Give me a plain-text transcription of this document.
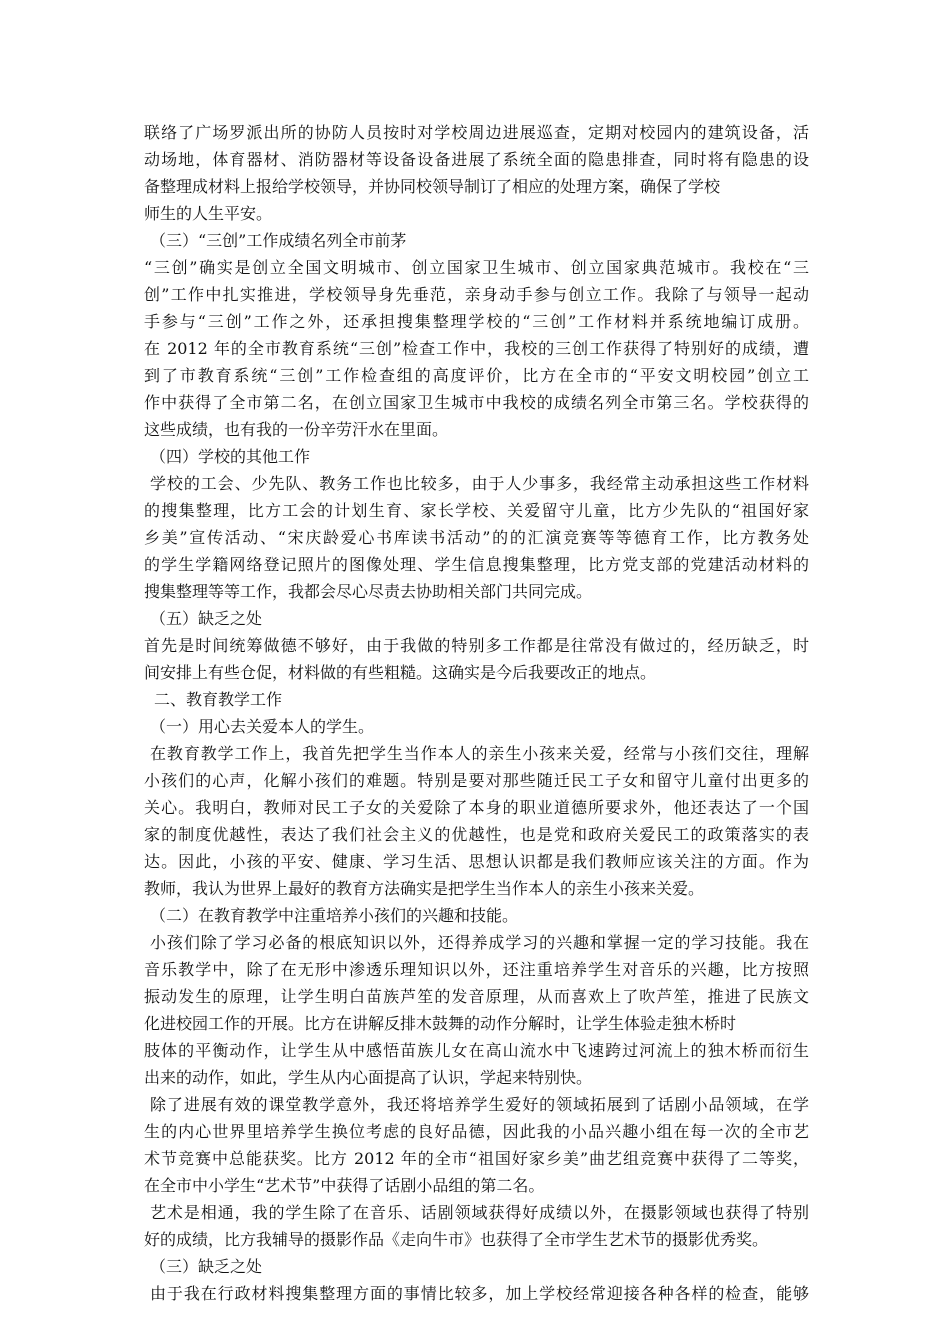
联络了广场罗派出所的协防人员按时对学校周边进展巡查，定期对校园内的建筑设备，活
动场地，体育器材、消防器材等设备设备进展了系统全面的隐患排查，同时将有隐患的设
备整理成材料上报给学校领导，并协同校领导制订了相应的处理方案，确保了学校
师生的人生平安。
（三）“三创”工作成绩名列全市前茅
“三创”确实是创立全国文明城市、创立国家卫生城市、创立国家典范城市。我校在“三
创”工作中扎实推进，学校领导身先垂范，亲身动手参与创立工作。我除了与领导一起动
手参与“三创”工作之外，还承担搜集整理学校的“三创”工作材料并系统地编订成册。
在 2012 年的全市教育系统“三创”检查工作中，我校的三创工作获得了特别好的成绩，遭
到了市教育系统“三创”工作检查组的高度评价，比方在全市的“平安文明校园”创立工
作中获得了全市第二名，在创立国家卫生城市中我校的成绩名列全市第三名。学校获得的
这些成绩，也有我的一份辛劳汗水在里面。
（四）学校的其他工作
学校的工会、少先队、教务工作也比较多，由于人少事多，我经常主动承担这些工作材料
的搜集整理，比方工会的计划生育、家长学校、关爱留守儿童，比方少先队的“祖国好家
乡美”宣传活动、“宋庆龄爱心书库读书活动”的的汇演竞赛等等德育工作，比方教务处
的学生学籍网络登记照片的图像处理、学生信息搜集整理，比方党支部的党建活动材料的
搜集整理等等工作，我都会尽心尽责去协助相关部门共同完成。
（五）缺乏之处
首先是时间统筹做德不够好，由于我做的特别多工作都是往常没有做过的，经历缺乏，时
间安排上有些仓促，材料做的有些粗糙。这确实是今后我要改正的地点。
二、教育教学工作
（一）用心去关爱本人的学生。
在教育教学工作上，我首先把学生当作本人的亲生小孩来关爱，经常与小孩们交往，理解
小孩们的心声，化解小孩们的难题。特别是要对那些随迁民工子女和留守儿童付出更多的
关心。我明白，教师对民工子女的关爱除了本身的职业道德所要求外，他还表达了一个国
家的制度优越性，表达了我们社会主义的优越性，也是党和政府关爱民工的政策落实的表
达。因此，小孩的平安、健康、学习生活、思想认识都是我们教师应该关注的方面。作为
教师，我认为世界上最好的教育方法确实是把学生当作本人的亲生小孩来关爱。
（二）在教育教学中注重培养小孩们的兴趣和技能。
小孩们除了学习必备的根底知识以外，还得养成学习的兴趣和掌握一定的学习技能。我在
音乐教学中，除了在无形中渗透乐理知识以外，还注重培养学生对音乐的兴趣，比方按照
振动发生的原理，让学生明白苗族芦笙的发音原理，从而喜欢上了吹芦笙，推进了民族文
化进校园工作的开展。比方在讲解反排木鼓舞的动作分解时，让学生体验走独木桥时
肢体的平衡动作，让学生从中感悟苗族儿女在高山流水中飞速跨过河流上的独木桥而衍生
出来的动作，如此，学生从内心面提高了认识，学起来特别快。
除了进展有效的课堂教学意外，我还将培养学生爱好的领域拓展到了话剧小品领域，在学
生的内心世界里培养学生换位考虑的良好品德，因此我的小品兴趣小组在每一次的全市艺
术节竞赛中总能获奖。比方 2012 年的全市“祖国好家乡美”曲艺组竞赛中获得了二等奖，
在全市中小学生“艺术节”中获得了话剧小品组的第二名。
艺术是相通，我的学生除了在音乐、话剧领域获得好成绩以外，在摄影领域也获得了特别
好的成绩，比方我辅导的摄影作品《走向牛市》也获得了全市学生艺术节的摄影优秀奖。
（三）缺乏之处
由于我在行政材料搜集整理方面的事情比较多，加上学校经常迎接各种各样的检查，能够
